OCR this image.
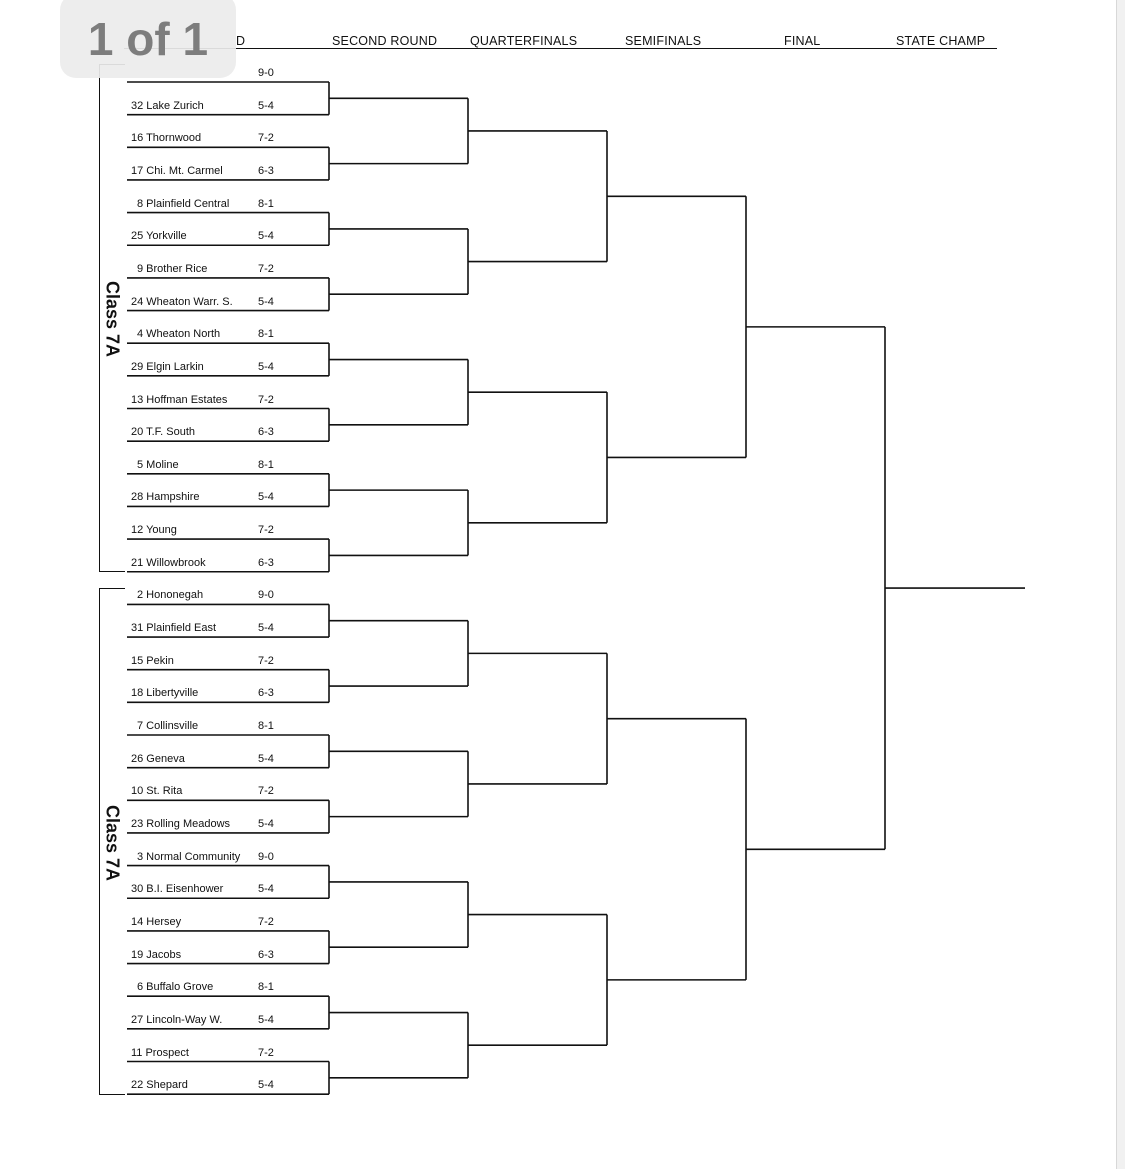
D	SECOND ROUND	QUARTERFINALS	SEMIFINALS	FINAL	STATE CHAMP
Class 7A
Class 7A
9-0
32 Lake Zurich	5-4
16 Thornwood	7-2
17 Chi. Mt. Carmel	6-3
8 Plainfield Central	8-1
25 Yorkville	5-4
9 Brother Rice	7-2
24 Wheaton Warr. S. 5-4
4 Wheaton North	8-1
29 Elgin Larkin	5-4
13 Hoffman Estates	7-2
20 T.F. South	6-3
5 Moline	8-1
28 Hampshire	5-4
12 Young	7-2
21 Willowbrook	6-3
2 Hononegah	9-0
31 Plainfield East	5-4
15 Pekin	7-2
18 Libertyville	6-3
7 Collinsville	8-1
26 Geneva	5-4
10 St. Rita	7-2
23 Rolling Meadows	5-4
3 Normal Community 9-0
30 B.I. Eisenhower	5-4
14 Hersey	7-2
19 Jacobs	6-3
6 Buffalo Grove	8-1
27 Lincoln-Way W.	5-4
11 Prospect	7-2
22 Shepard	5-4
1 of 1
